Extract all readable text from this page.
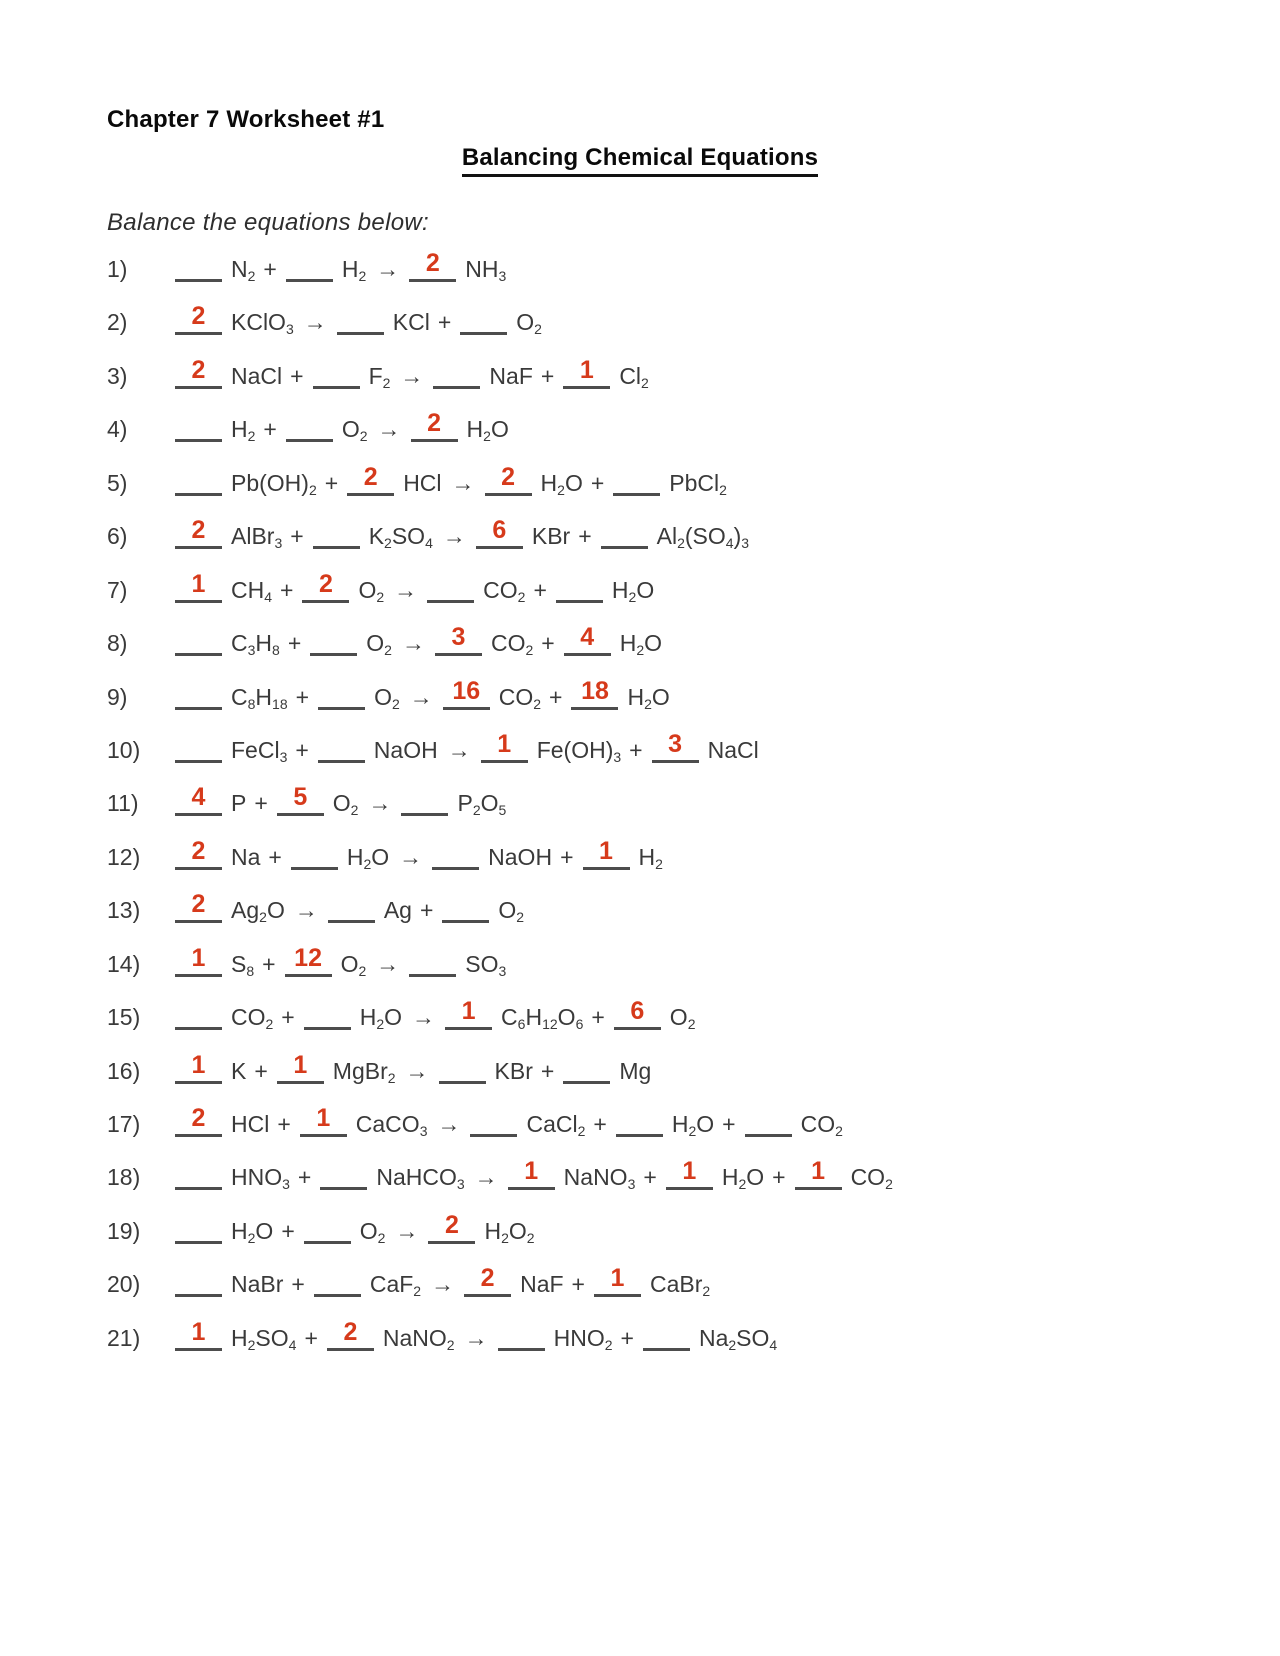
Chapter 7 Worksheet #1
Balancing Chemical Equations
Balance the equations below:
1)	$N_2$ +	$H_2$ →	2	$NH_3$
2)	2	KClO$_3$ →	KCl +	$O_2$
3)	2	NaCl +	$F_2$ →	NaF +	1	$Cl_2$
4)	$H_2$ +	$O_2$ →	2	$H_2O$
5)	$Pb(OH)_2$ +	2	HCl →	2	$H_2O$ +	PbCl$_2$
6)	2	AlBr$_3$ +	$K_2SO_4$ →	6	KBr +	$Al_2(SO_4)_3$
7)	1	$CH_4$ +	2	$O_2$ →	$CO_2$ +	$H_2O$
8)	$C_3H_8$ +	$O_2$ →	3	$CO_2$ +	4	$H_2O$
9)	$C_8H_{18}$ +	$O_2 \to 16$ $CO_2 + 18$ $H_2O$
10)	FeCl$_3$ +	NaOH →	1	$Fe(OH)_3$ +	3	NaCl
11)	4	P +	5	$O_2$ →	$P_2O_5$
12)	2	Na +	$H_2O$ →	NaOH +	1	$H_2$
13)	2	$Ag_2O$ →	Ag +	$O_2$
14)	1	$S_8 + 12$ $O_2$ →	$SO_3$
15)	$CO_2$ +	$H_2O$ →	1	$C_6H_{12}O_6$ +	6	$O_2$
16)	1	K +	1	MgBr$_2$ →	KBr +	Mg
17)	2	HCl +	1	CaCO$_3$ →	CaCl$_2$ +	$H_2O$ +	$CO_2$
18)	$HNO_3$ +	NaHCO$_3$ →	1	NaNO$_3$ +	1	$H_2O$ +	1	$CO_2$
19)	$H_2O$ +	$O_2$ →	2	$H_2O_2$
20)	NaBr +	CaF$_2$ →	2	NaF +	1	CaBr$_2$
21)	1	$H_2SO_4$ +	2	NaNO$_2$ →	$HNO_2$ +	$Na_2SO_4$
